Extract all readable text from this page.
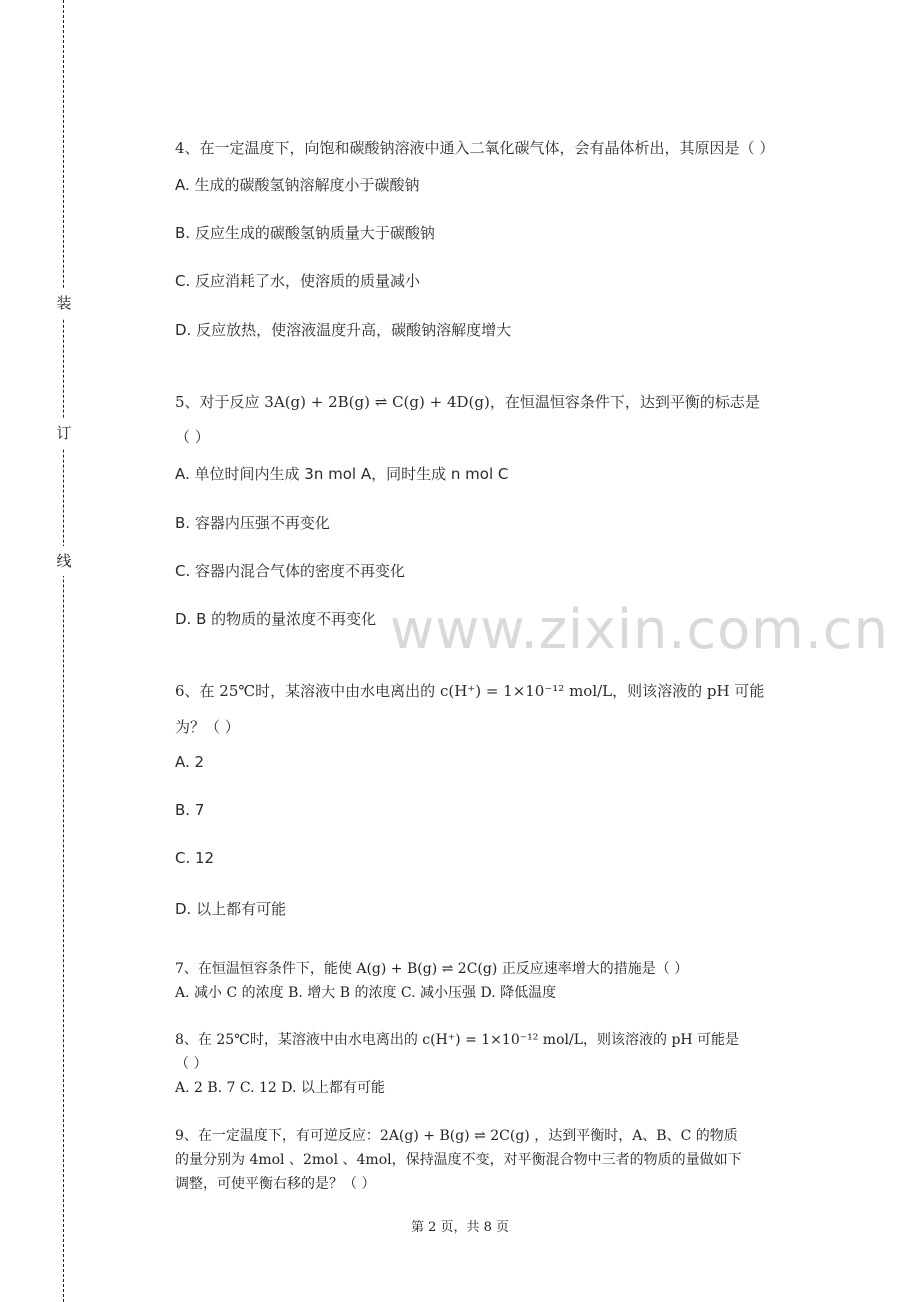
装
订
线
www.zixin.com.cn
4、在一定温度下，向饱和碳酸钠溶液中通入二氧化碳气体，会有晶体析出，其原因是（ ）
A. 生成的碳酸氢钠溶解度小于碳酸钠
B. 反应生成的碳酸氢钠质量大于碳酸钠
C. 反应消耗了水，使溶质的质量减小
D. 反应放热，使溶液温度升高，碳酸钠溶解度增大
5、对于反应 3A(g) + 2B(g) ⇌ C(g) + 4D(g)，在恒温恒容条件下，达到平衡的标志是
（ ）
A. 单位时间内生成 3n mol A，同时生成 n mol C
B. 容器内压强不再变化
C. 容器内混合气体的密度不再变化
D. B 的物质的量浓度不再变化
6、在 25℃时，某溶液中由水电离出的 c(H⁺) = 1×10⁻¹² mol/L，则该溶液的 pH 可能
为？（ ）
A. 2
B. 7
C. 12
D. 以上都有可能
7、在恒温恒容条件下，能使 A(g) + B(g) ⇌ 2C(g) 正反应速率增大的措施是（ ）
A. 减小 C 的浓度 B. 增大 B 的浓度 C. 减小压强 D. 降低温度
8、在 25℃时，某溶液中由水电离出的 c(H⁺) = 1×10⁻¹² mol/L，则该溶液的 pH 可能是
（ ）
A. 2 B. 7 C. 12 D. 以上都有可能
9、在一定温度下，有可逆反应：2A(g) + B(g) ⇌ 2C(g) ，达到平衡时，A、B、C 的物质
的量分别为 4mol 、2mol 、4mol，保持温度不变，对平衡混合物中三者的物质的量做如下
调整，可使平衡右移的是？（ ）
第 2 页，共 8 页
